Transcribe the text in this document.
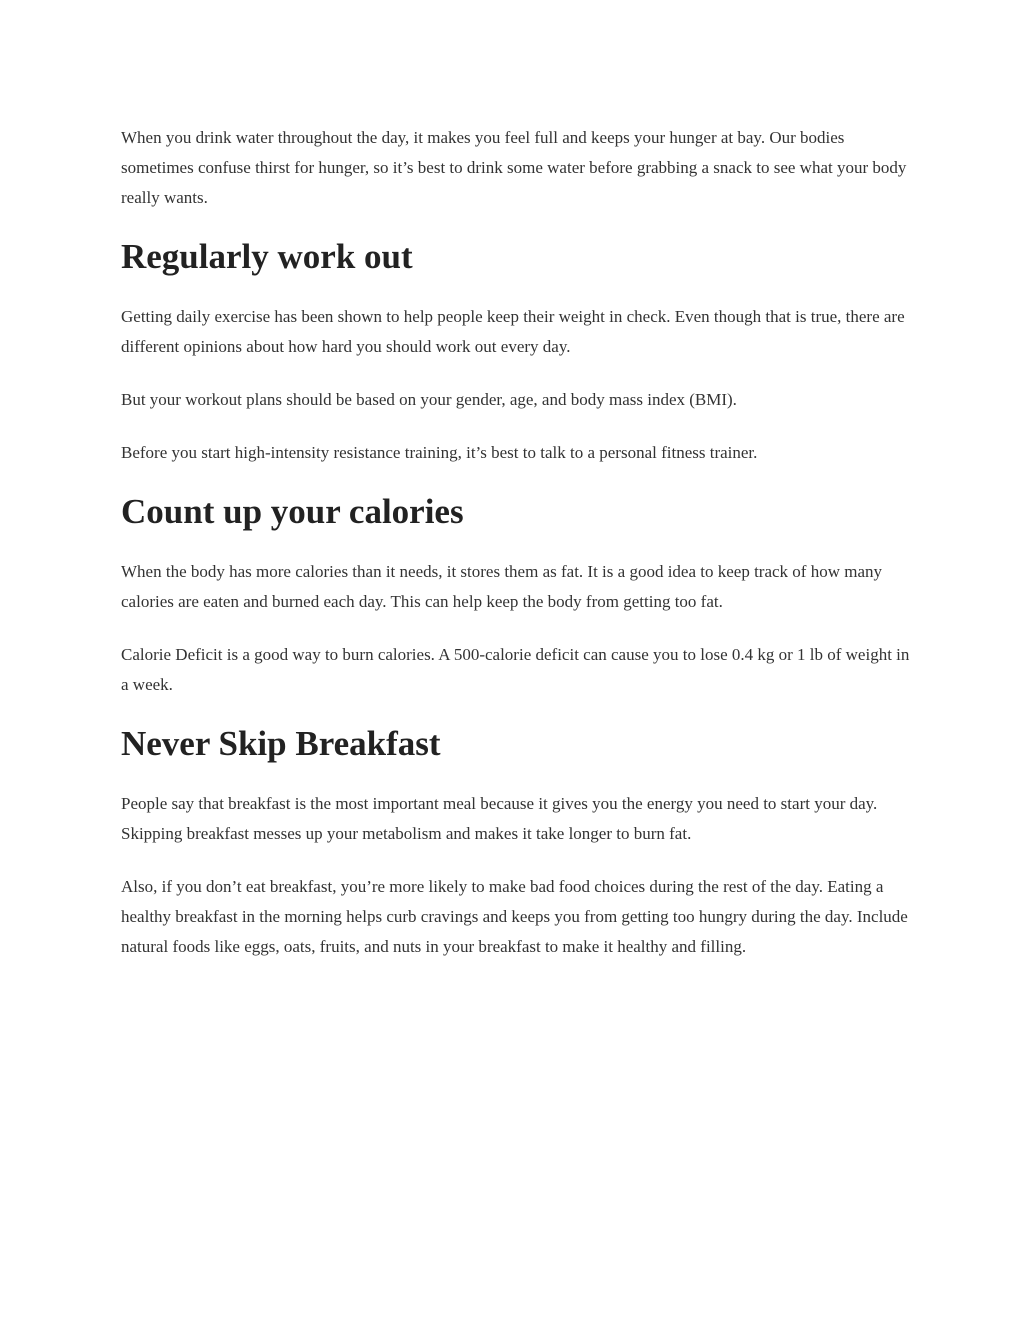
When you drink water throughout the day, it makes you feel full and keeps your hunger at bay. Our bodies sometimes confuse thirst for hunger, so it’s best to drink some water before grabbing a snack to see what your body really wants.

Regularly work out

Getting daily exercise has been shown to help people keep their weight in check. Even though that is true, there are different opinions about how hard you should work out every day.

But your workout plans should be based on your gender, age, and body mass index (BMI).

Before you start high-intensity resistance training, it’s best to talk to a personal fitness trainer.

Count up your calories

When the body has more calories than it needs, it stores them as fat. It is a good idea to keep track of how many calories are eaten and burned each day. This can help keep the body from getting too fat.

Calorie Deficit is a good way to burn calories. A 500-calorie deficit can cause you to lose 0.4 kg or 1 lb of weight in a week.

Never Skip Breakfast

People say that breakfast is the most important meal because it gives you the energy you need to start your day. Skipping breakfast messes up your metabolism and makes it take longer to burn fat.

Also, if you don’t eat breakfast, you’re more likely to make bad food choices during the rest of the day. Eating a healthy breakfast in the morning helps curb cravings and keeps you from getting too hungry during the day. Include natural foods like eggs, oats, fruits, and nuts in your breakfast to make it healthy and filling.
